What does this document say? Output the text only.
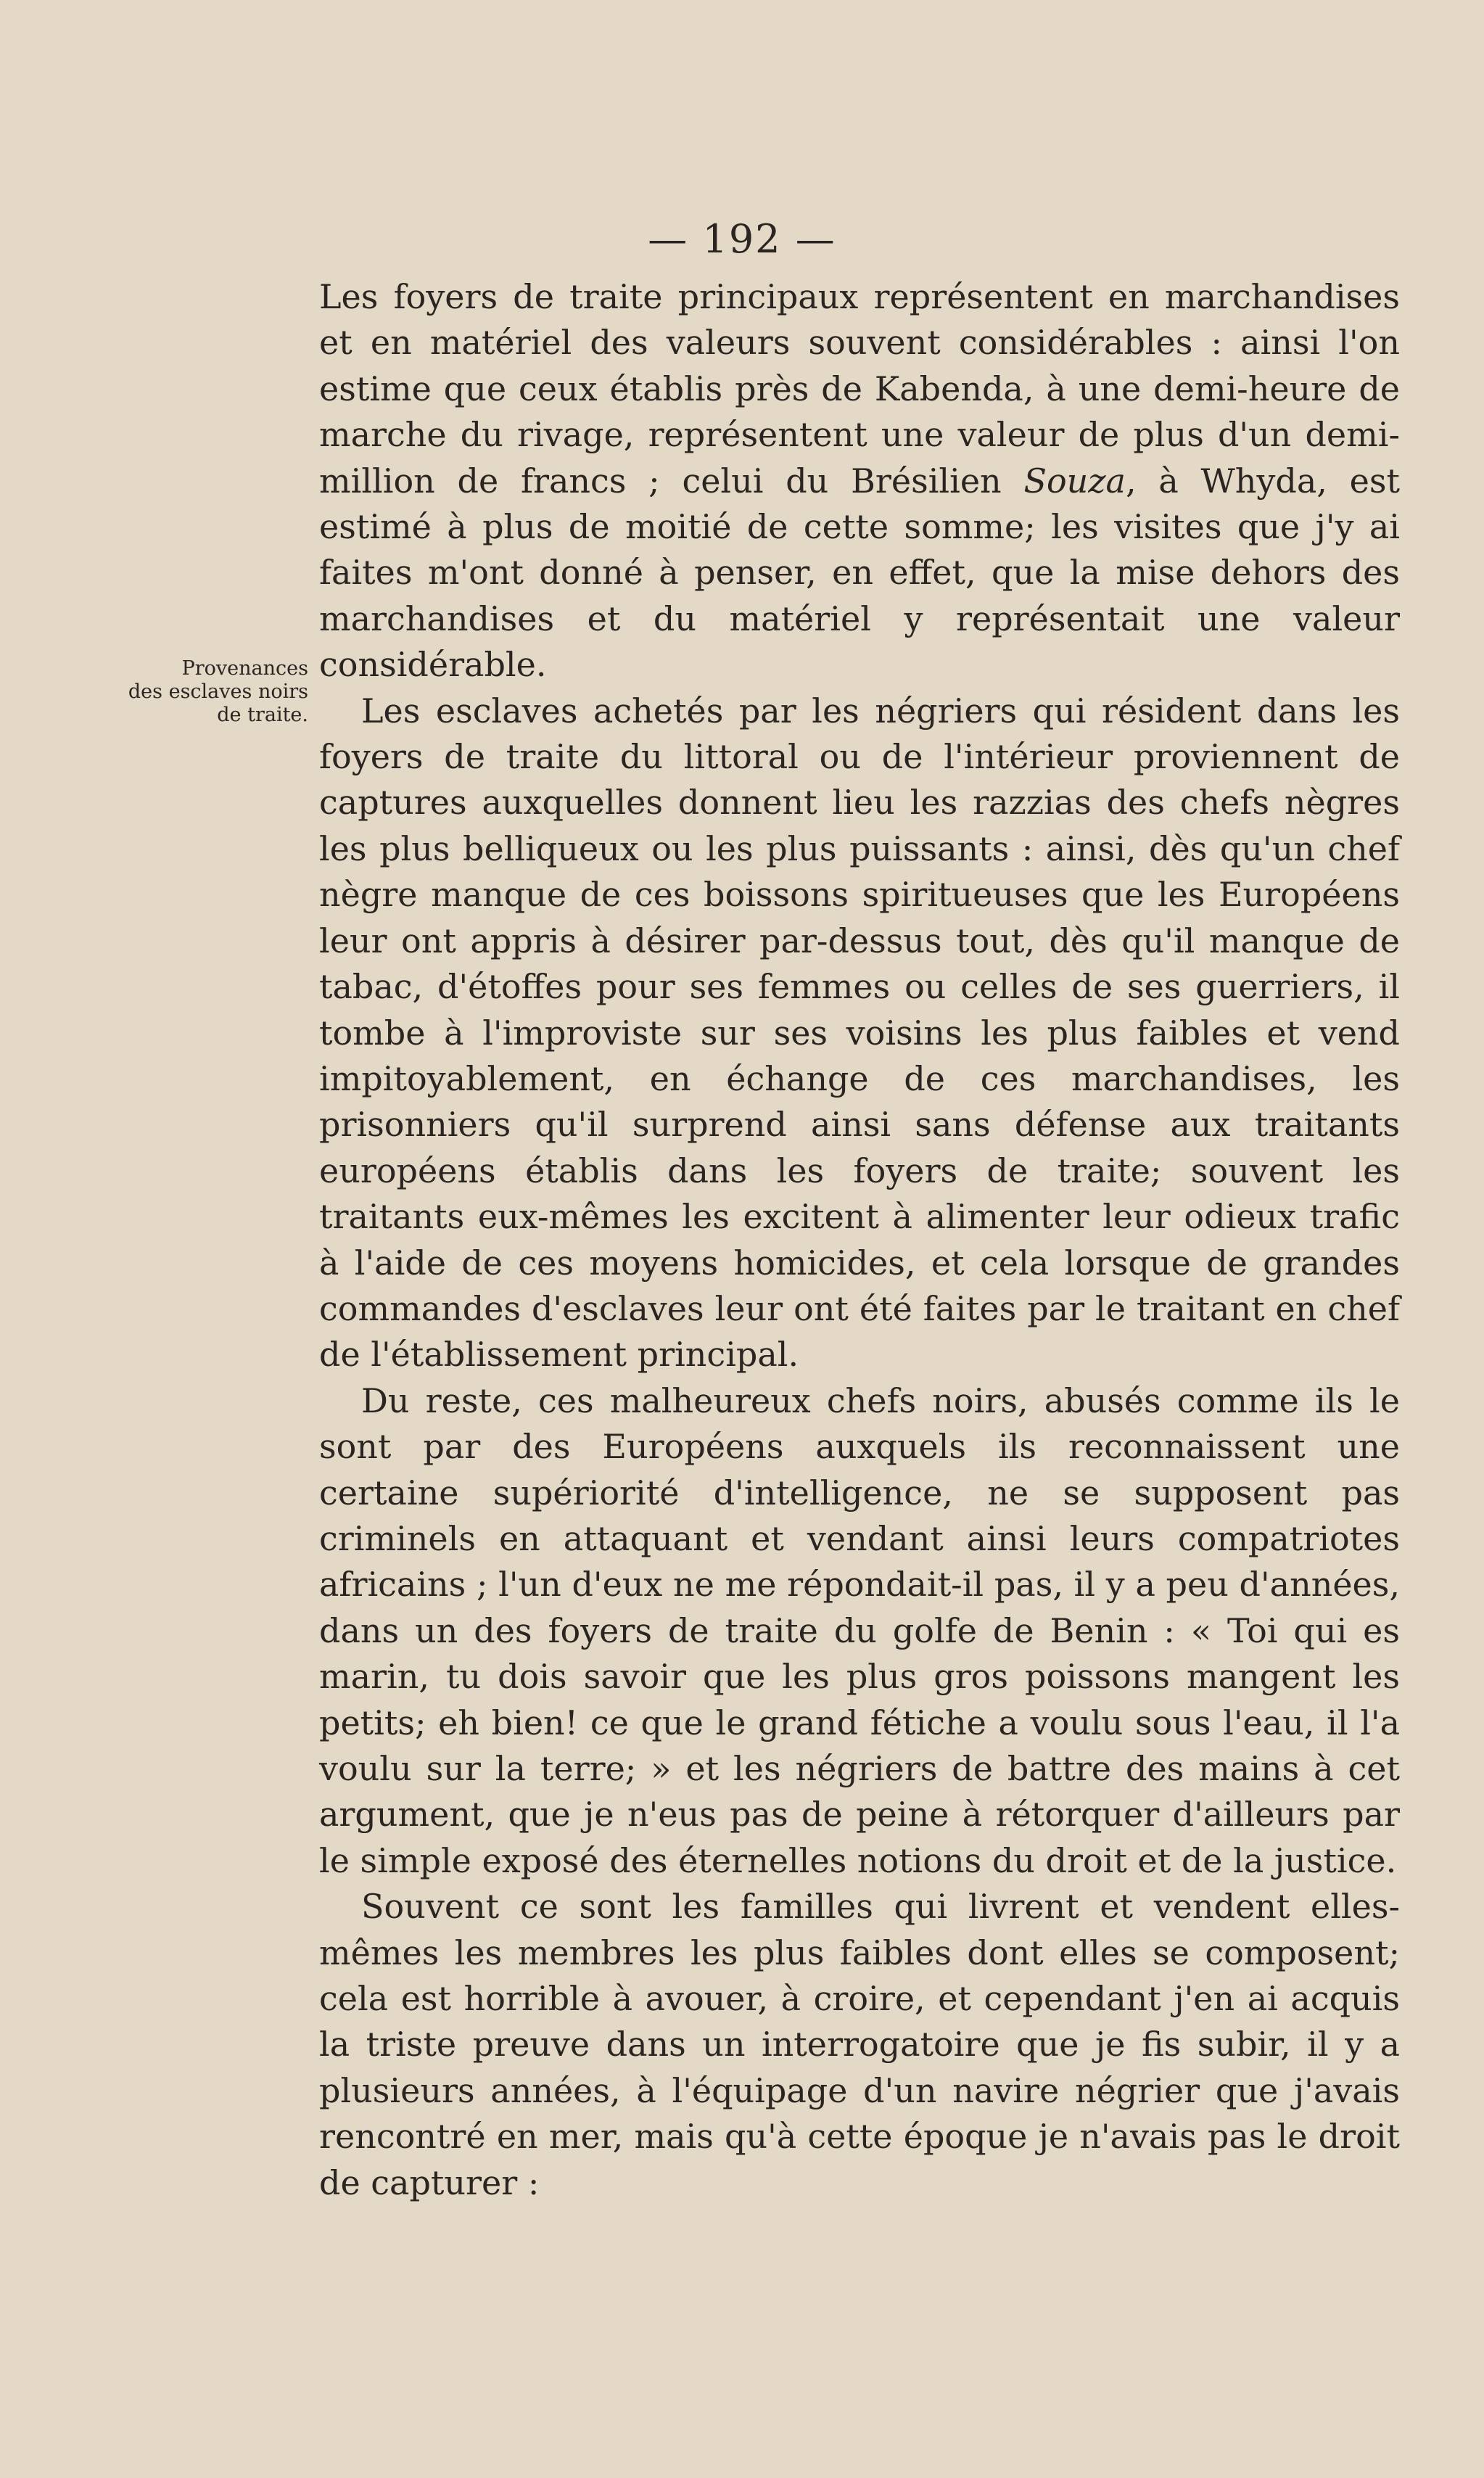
— 192 —
Provenances
des esclaves noirs
de traite.

Les foyers de traite principaux représentent en marchandises et en matériel des valeurs souvent considérables : ainsi l'on estime que ceux établis près de Kabenda, à une demi-heure de marche du rivage, représentent une valeur de plus d'un demi-million de francs ; celui du Brésilien Souza, à Whyda, est estimé à plus de moitié de cette somme; les visites que j'y ai faites m'ont donné à penser, en effet, que la mise dehors des marchandises et du matériel y représentait une valeur considérable.

Les esclaves achetés par les négriers qui résident dans les foyers de traite du littoral ou de l'intérieur proviennent de captures auxquelles donnent lieu les razzias des chefs nègres les plus belliqueux ou les plus puissants : ainsi, dès qu'un chef nègre manque de ces boissons spiritueuses que les Européens leur ont appris à désirer par-dessus tout, dès qu'il manque de tabac, d'étoffes pour ses femmes ou celles de ses guerriers, il tombe à l'improviste sur ses voisins les plus faibles et vend impitoyablement, en échange de ces marchandises, les prisonniers qu'il surprend ainsi sans défense aux traitants européens établis dans les foyers de traite; souvent les traitants eux-mêmes les excitent à alimenter leur odieux trafic à l'aide de ces moyens homicides, et cela lorsque de grandes commandes d'esclaves leur ont été faites par le traitant en chef de l'établissement principal.

Du reste, ces malheureux chefs noirs, abusés comme ils le sont par des Européens auxquels ils reconnaissent une certaine supériorité d'intelligence, ne se supposent pas criminels en attaquant et vendant ainsi leurs compatriotes africains ; l'un d'eux ne me répondait-il pas, il y a peu d'années, dans un des foyers de traite du golfe de Benin : « Toi qui es marin, tu dois savoir que les plus gros poissons mangent les petits; eh bien! ce que le grand fétiche a voulu sous l'eau, il l'a voulu sur la terre; » et les négriers de battre des mains à cet argument, que je n'eus pas de peine à rétorquer d'ailleurs par le simple exposé des éternelles notions du droit et de la justice.

Souvent ce sont les familles qui livrent et vendent elles-mêmes les membres les plus faibles dont elles se composent; cela est horrible à avouer, à croire, et cependant j'en ai acquis la triste preuve dans un interrogatoire que je fis subir, il y a plusieurs années, à l'équipage d'un navire négrier que j'avais rencontré en mer, mais qu'à cette époque je n'avais pas le droit de capturer :
